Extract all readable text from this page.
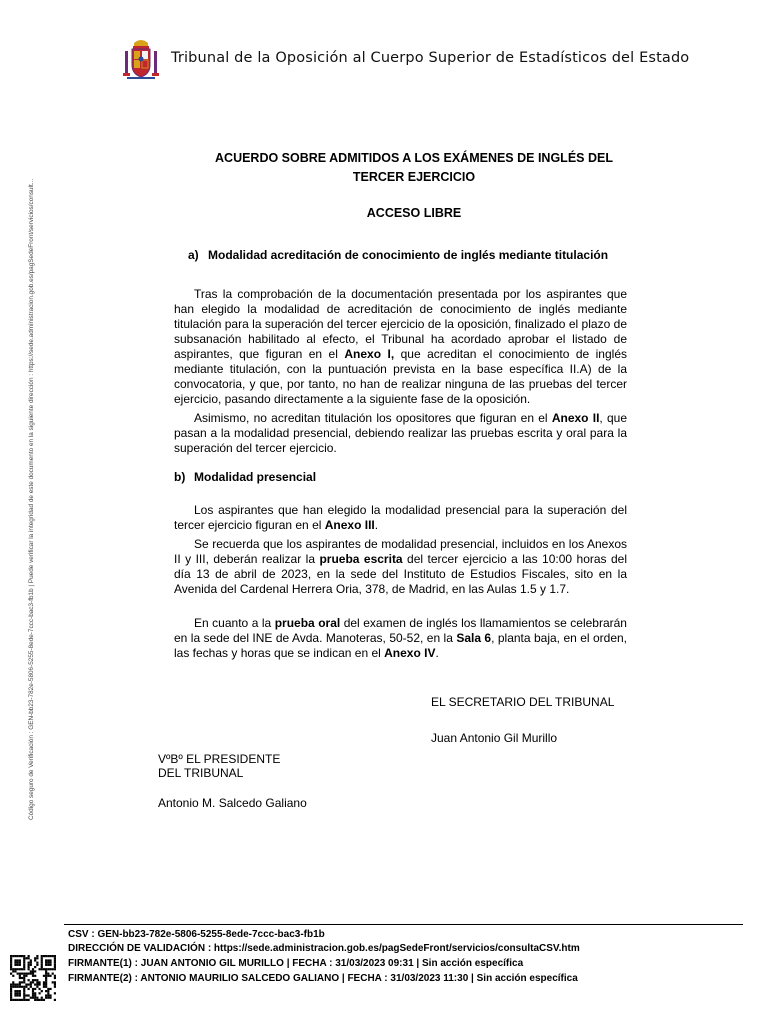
Tribunal de la Oposición al Cuerpo Superior de Estadísticos del Estado
Código seguro de Verificación : GEN-bb23-782e-5806-5255-8ede-7ccc-bac3-fb1b | Puede verificar la integridad de este documento en la siguiente dirección : https://sede.administracion.gob.es/pagSedeFront/servicios/consult...
ACUERDO SOBRE ADMITIDOS A LOS EXÁMENES DE INGLÉS DEL
TERCER EJERCICIO
ACCESO LIBRE
a) Modalidad acreditación de conocimiento de inglés mediante titulación

Tras la comprobación de la documentación presentada por los aspirantes que han elegido la modalidad de acreditación de conocimiento de inglés mediante titulación para la superación del tercer ejercicio de la oposición, finalizado el plazo de subsanación habilitado al efecto, el Tribunal ha acordado aprobar el listado de aspirantes, que figuran en el Anexo I, que acreditan el conocimiento de inglés mediante titulación, con la puntuación prevista en la base específica II.A) de la convocatoria, y que, por tanto, no han de realizar ninguna de las pruebas del tercer ejercicio, pasando directamente a la siguiente fase de la oposición.

Asimismo, no acreditan titulación los opositores que figuran en el Anexo II, que pasan a la modalidad presencial, debiendo realizar las pruebas escrita y oral para la superación del tercer ejercicio.

b) Modalidad presencial

Los aspirantes que han elegido la modalidad presencial para la superación del tercer ejercicio figuran en el Anexo III.

Se recuerda que los aspirantes de modalidad presencial, incluidos en los Anexos II y III, deberán realizar la prueba escrita del tercer ejercicio a las 10:00 horas del día 13 de abril de 2023, en la sede del Instituto de Estudios Fiscales, sito en la Avenida del Cardenal Herrera Oria, 378, de Madrid, en las Aulas 1.5 y 1.7.

En cuanto a la prueba oral del examen de inglés los llamamientos se celebrarán en la sede del INE de Avda. Manoteras, 50-52, en la Sala 6, planta baja, en el orden, las fechas y horas que se indican en el Anexo IV.

EL SECRETARIO DEL TRIBUNAL
Juan Antonio Gil Murillo
VºBº EL PRESIDENTE
DEL TRIBUNAL
Antonio M. Salcedo Galiano
CSV : GEN-bb23-782e-5806-5255-8ede-7ccc-bac3-fb1b
DIRECCIÓN DE VALIDACIÓN : https://sede.administracion.gob.es/pagSedeFront/servicios/consultaCSV.htm
FIRMANTE(1) : JUAN ANTONIO GIL MURILLO | FECHA : 31/03/2023 09:31 | Sin acción específica
FIRMANTE(2) : ANTONIO MAURILIO SALCEDO GALIANO | FECHA : 31/03/2023 11:30 | Sin acción específica
